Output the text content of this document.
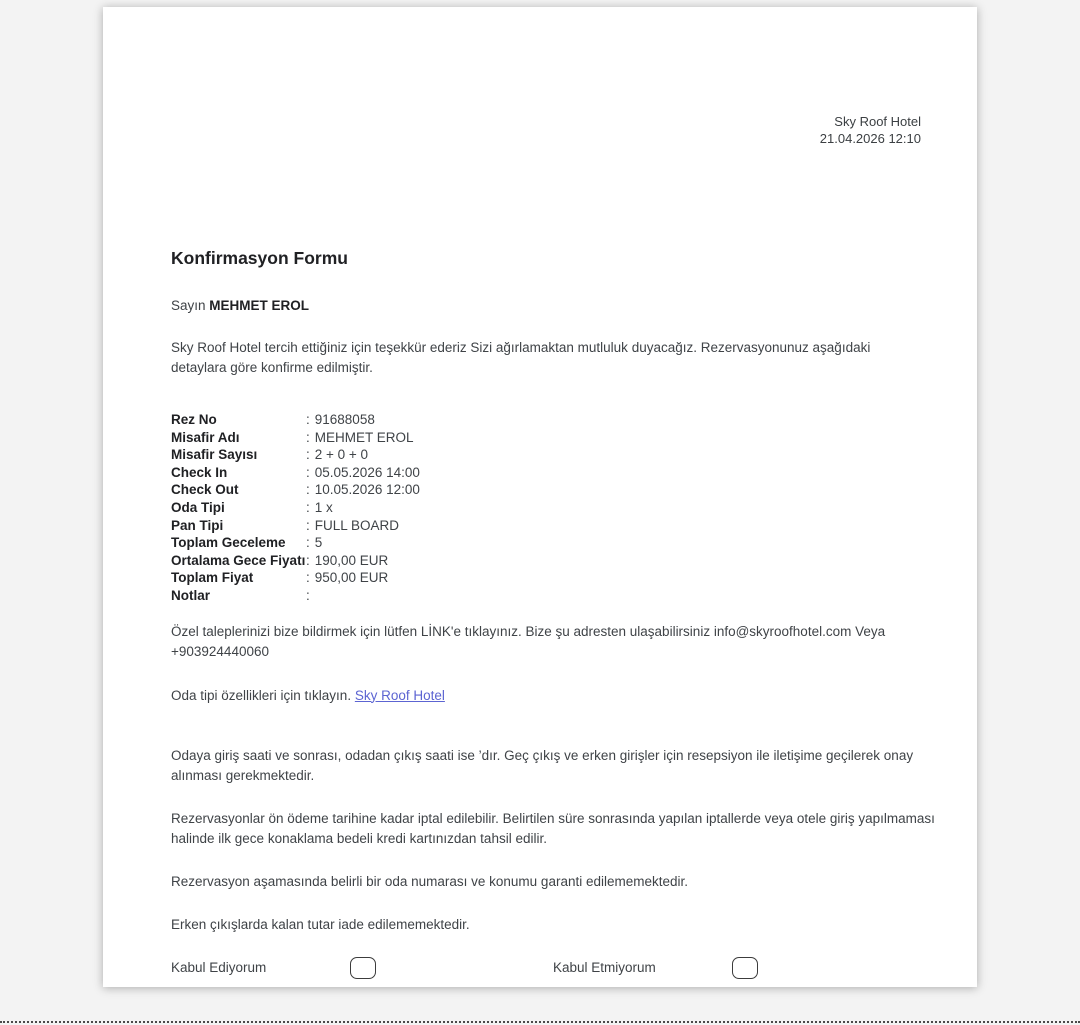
Sky Roof Hotel
21.04.2026 12:10
Konfirmasyon Formu
Sayın MEHMET EROL
Sky Roof Hotel tercih ettiğiniz için teşekkür ederiz Sizi ağırlamaktan mutluluk duyacağız. Rezervasyonunuz aşağıdaki detaylara göre konfirme edilmiştir.
Rez No	: 91688058
Misafir Adı	: MEHMET EROL
Misafir Sayısı	: 2 + 0 + 0
Check In	: 05.05.2026 14:00
Check Out	: 10.05.2026 12:00
Oda Tipi	: 1 x
Pan Tipi	: FULL BOARD
Toplam Geceleme	: 5
Ortalama Gece Fiyatı : 190,00 EUR
Toplam Fiyat	: 950,00 EUR
Notlar	:
Özel taleplerinizi bize bildirmek için lütfen LİNK'e tıklayınız. Bize şu adresten ulaşabilirsiniz info@skyroofhotel.com Veya +903924440060
Oda tipi özellikleri için tıklayın. Sky Roof Hotel
Odaya giriş saati ve sonrası, odadan çıkış saati ise ’dır. Geç çıkış ve erken girişler için resepsiyon ile iletişime geçilerek onay alınması gerekmektedir.
Rezervasyonlar ön ödeme tarihine kadar iptal edilebilir. Belirtilen süre sonrasında yapılan iptallerde veya otele giriş yapılmaması halinde ilk gece konaklama bedeli kredi kartınızdan tahsil edilir.
Rezervasyon aşamasında belirli bir oda numarası ve konumu garanti edilememektedir.
Erken çıkışlarda kalan tutar iade edilememektedir.
Kabul Ediyorum	Kabul Etmiyorum
